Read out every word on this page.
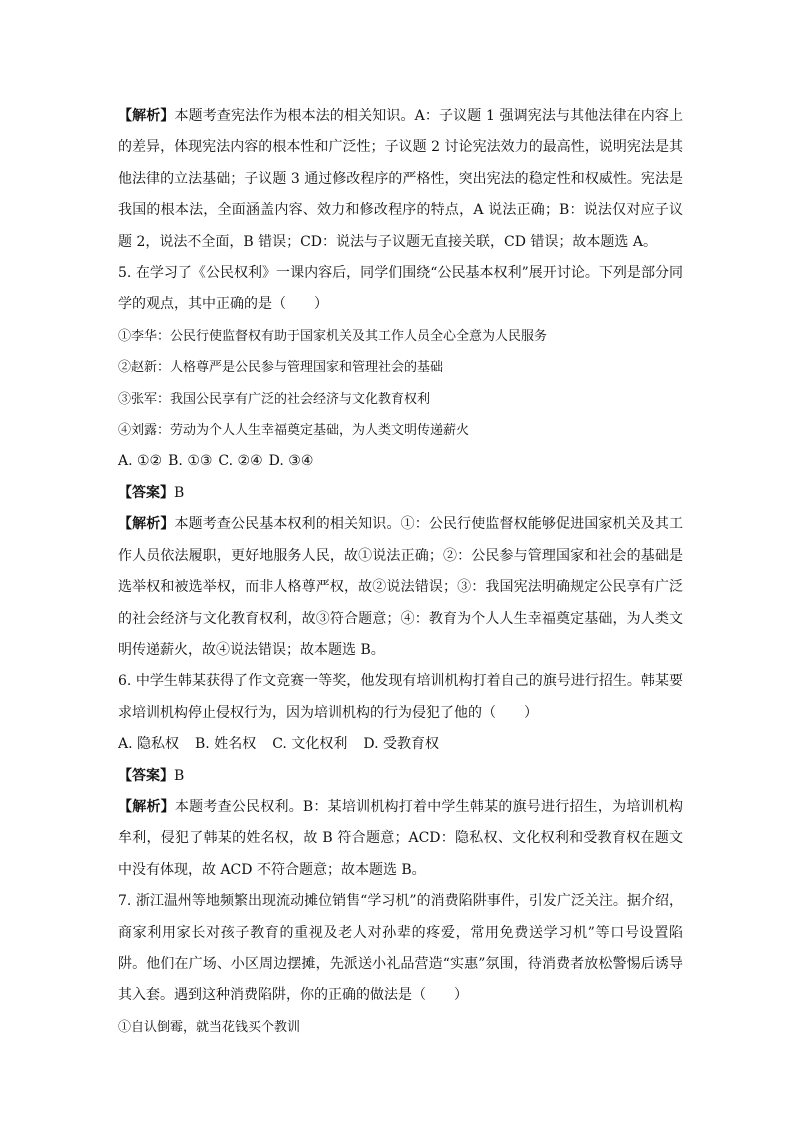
【解析】本题考查宪法作为根本法的相关知识。A：子议题 1 强调宪法与其他法律在内容上的差异，体现宪法内容的根本性和广泛性；子议题 2 讨论宪法效力的最高性，说明宪法是其他法律的立法基础；子议题 3 通过修改程序的严格性，突出宪法的稳定性和权威性。宪法是我国的根本法，全面涵盖内容、效力和修改程序的特点，A 说法正确；B：说法仅对应子议题 2，说法不全面，B 错误；CD：说法与子议题无直接关联，CD 错误；故本题选 A。

5. 在学习了《公民权利》一课内容后，同学们围绕“公民基本权利”展开讨论。下列是部分同学的观点，其中正确的是（　　）

①李华：公民行使监督权有助于国家机关及其工作人员全心全意为人民服务

②赵新：人格尊严是公民参与管理国家和管理社会的基础

③张军：我国公民享有广泛的社会经济与文化教育权利

④刘露：劳动为个人人生幸福奠定基础，为人类文明传递薪火

A. ①② B. ①③ C. ②④ D. ③④

【答案】B

【解析】本题考查公民基本权利的相关知识。①：公民行使监督权能够促进国家机关及其工作人员依法履职，更好地服务人民，故①说法正确；②：公民参与管理国家和社会的基础是选举权和被选举权，而非人格尊严权，故②说法错误；③：我国宪法明确规定公民享有广泛的社会经济与文化教育权利，故③符合题意；④：教育为个人人生幸福奠定基础，为人类文明传递薪火，故④说法错误；故本题选 B。

6. 中学生韩某获得了作文竞赛一等奖，他发现有培训机构打着自己的旗号进行招生。韩某要求培训机构停止侵权行为，因为培训机构的行为侵犯了他的（　　）

A. 隐私权 B. 姓名权 C. 文化权利 D. 受教育权

【答案】B

【解析】本题考查公民权利。B：某培训机构打着中学生韩某的旗号进行招生，为培训机构牟利，侵犯了韩某的姓名权，故 B 符合题意；ACD：隐私权、文化权利和受教育权在题文中没有体现，故 ACD 不符合题意；故本题选 B。

7. 浙江温州等地频繁出现流动摊位销售“学习机”的消费陷阱事件，引发广泛关注。据介绍，商家利用家长对孩子教育的重视及老人对孙辈的疼爱，常用免费送学习机”等口号设置陷阱。他们在广场、小区周边摆摊，先派送小礼品营造“实惠”氛围，待消费者放松警惕后诱导其入套。遇到这种消费陷阱，你的正确的做法是（　　）

①自认倒霉，就当花钱买个教训
